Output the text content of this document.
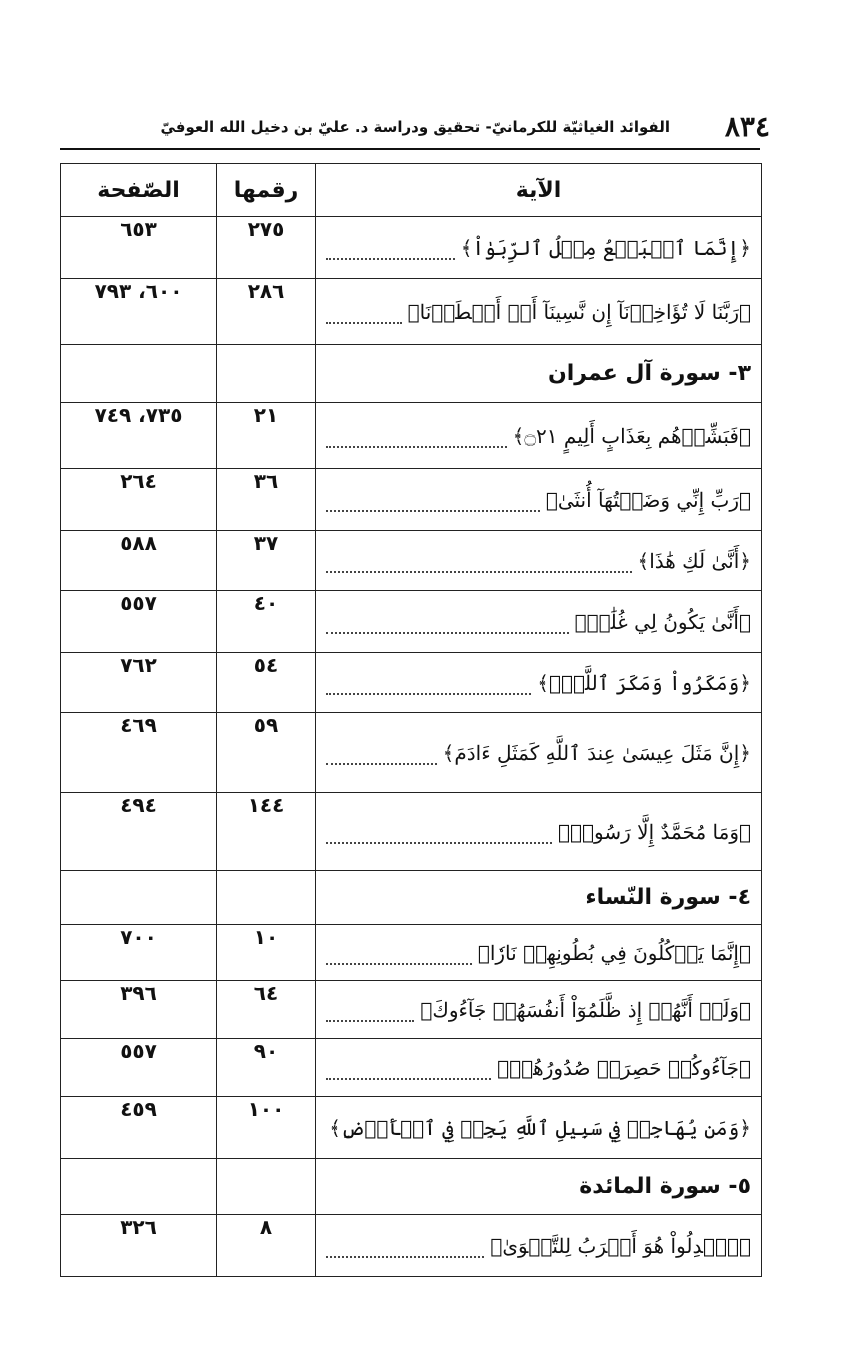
٨٣٤
الفوائد الغياثيّة للكرمانيّ- تحقيق ودراسة د. عليّ بن دخيل الله العوفيّ
الآية	رقمها	الصّفحة

﴿إِنَّمَا ٱلۡبَيۡعُ مِثۡلُ ٱلرِّبَوٰاْ﴾	٢٧٥	٦٥٣

﴿رَبَّنَا لَا تُؤَاخِذۡنَآ إِن نَّسِينَآ أَوۡ أَخۡطَأۡنَا﴾	٢٨٦	٦٠٠، ٧٩٣

٣- سورة آل عمران		

﴿فَبَشِّرۡهُم بِعَذَابٍ أَلِيمٍ ۝٢١﴾	٢١	٧٣٥، ٧٤٩

﴿رَبِّ إِنِّي وَضَعۡتُهَآ أُنثَىٰ﴾	٣٦	٢٦٤

﴿أَنَّىٰ لَكِ هَٰذَا﴾	٣٧	٥٨٨

﴿أَنَّىٰ يَكُونُ لِي غُلَٰمٞ﴾	٤٠	٥٥٧

﴿وَمَكَرُواْ وَمَكَرَ ٱللَّهُۖ﴾	٥٤	٧٦٢

﴿إِنَّ مَثَلَ عِيسَىٰ عِندَ ٱللَّهِ كَمَثَلِ ءَادَمَ﴾	٥٩	٤٦٩

﴿وَمَا مُحَمَّدٌ إِلَّا رَسُولٞ﴾	١٤٤	٤٩٤

٤- سورة النّساء		

﴿إِنَّمَا يَأۡكُلُونَ فِي بُطُونِهِمۡ نَارٗا﴾	١٠	٧٠٠

﴿وَلَوۡ أَنَّهُمۡ إِذ ظَّلَمُوٓاْ أَنفُسَهُمۡ جَآءُوكَ﴾	٦٤	٣٩٦

﴿جَآءُوكُمۡ حَصِرَتۡ صُدُورُهُمۡ﴾	٩٠	٥٥٧

﴿وَمَن يُهَاجِرۡ فِي سَبِيلِ ٱللَّهِ يَجِدۡ فِي ٱلۡأَرۡضِ﴾	١٠٠	٤٥٩

٥- سورة المائدة		

﴿ٱعۡدِلُواْ هُوَ أَقۡرَبُ لِلتَّقۡوَىٰ﴾	٨	٣٢٦
